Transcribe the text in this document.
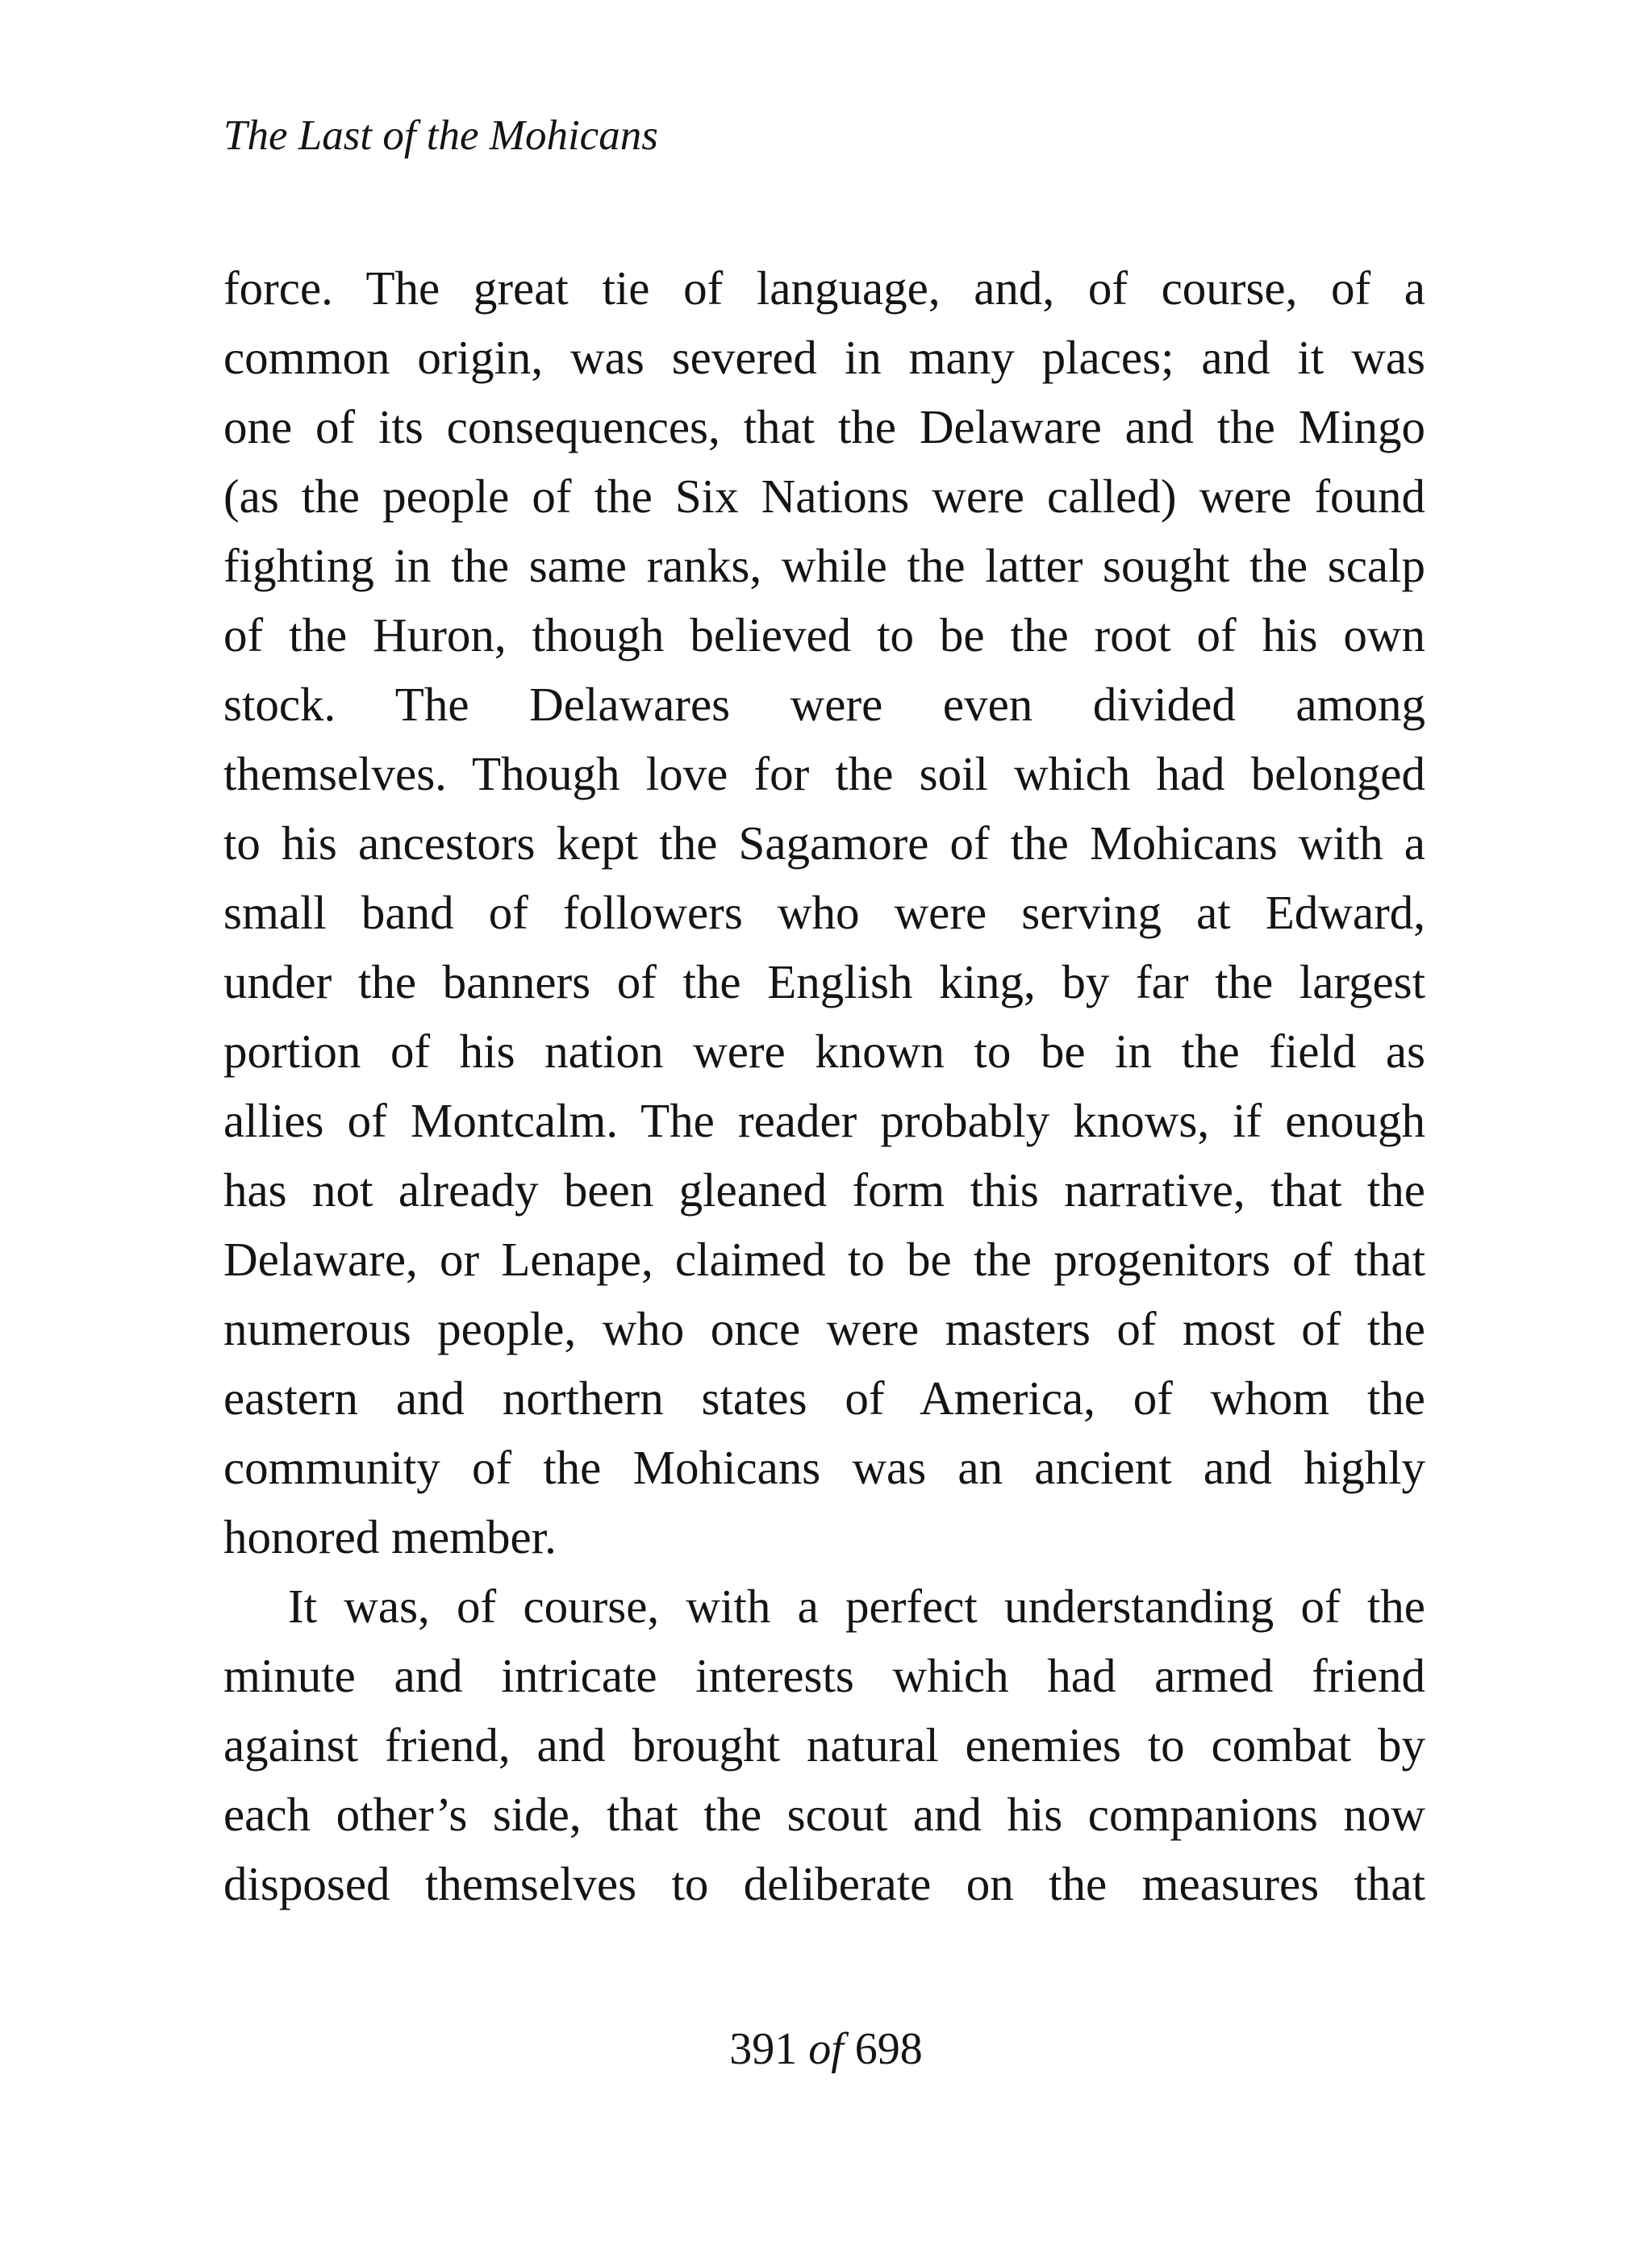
The Last of the Mohicans
force. The great tie of language, and, of course, of a
common origin, was severed in many places; and it was
one of its consequences, that the Delaware and the Mingo
(as the people of the Six Nations were called) were found
fighting in the same ranks, while the latter sought the scalp
of the Huron, though believed to be the root of his own
stock. The Delawares were even divided among
themselves. Though love for the soil which had belonged
to his ancestors kept the Sagamore of the Mohicans with a
small band of followers who were serving at Edward,
under the banners of the English king, by far the largest
portion of his nation were known to be in the field as
allies of Montcalm. The reader probably knows, if enough
has not already been gleaned form this narrative, that the
Delaware, or Lenape, claimed to be the progenitors of that
numerous people, who once were masters of most of the
eastern and northern states of America, of whom the
community of the Mohicans was an ancient and highly
honored member.
It was, of course, with a perfect understanding of the
minute and intricate interests which had armed friend
against friend, and brought natural enemies to combat by
each other’s side, that the scout and his companions now
disposed themselves to deliberate on the measures that
391 of 698
